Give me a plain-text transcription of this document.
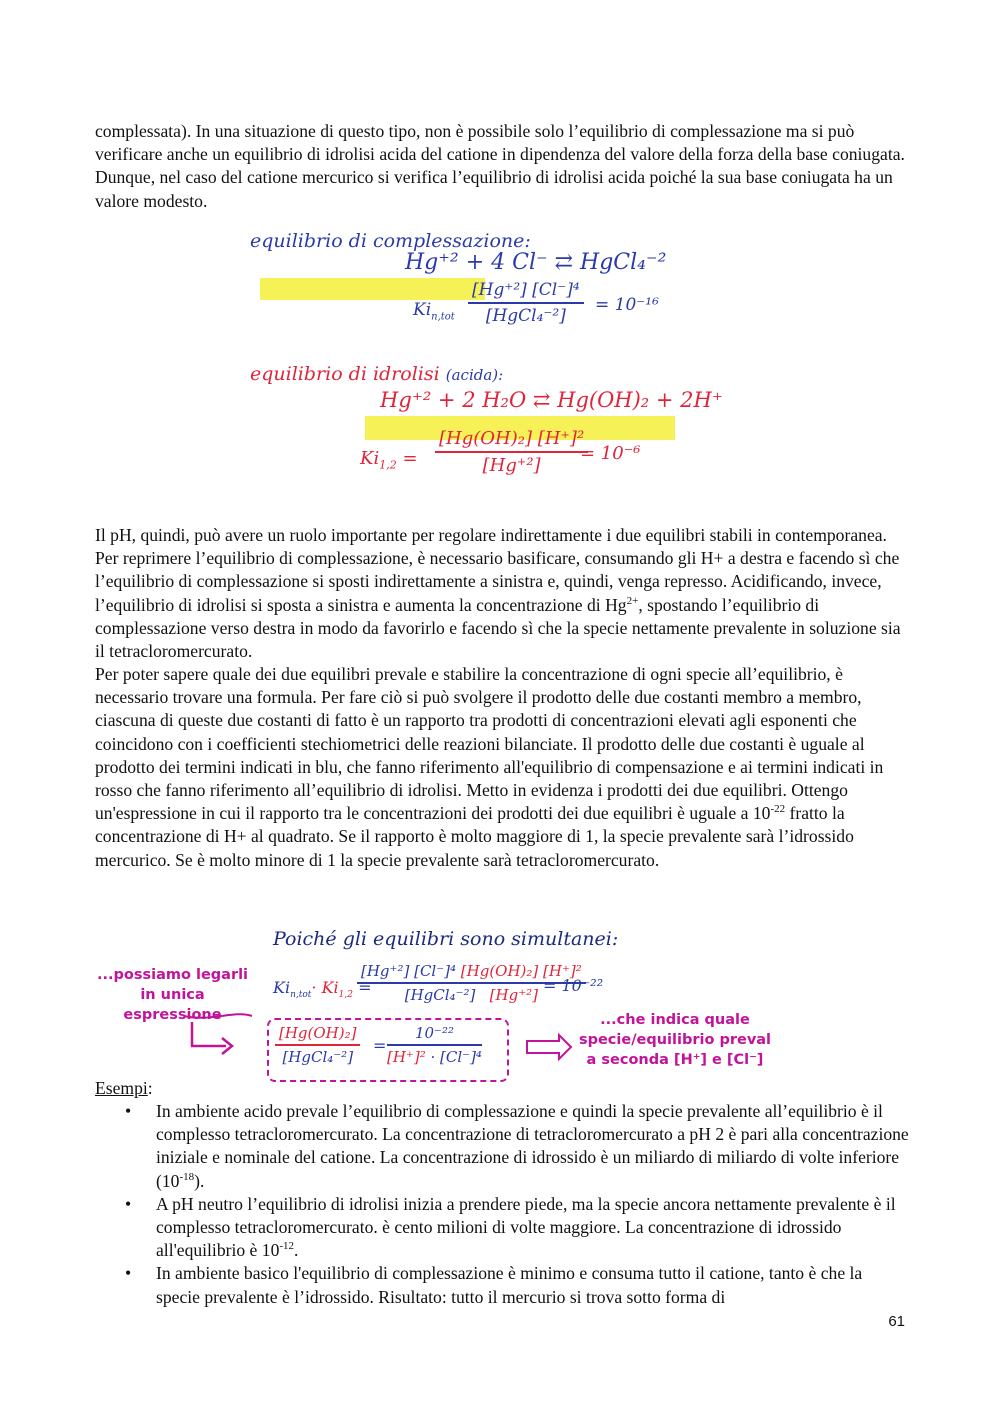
complessata). In una situazione di questo tipo, non è possibile solo l’equilibrio di complessazione ma si può verificare anche un equilibrio di idrolisi acida del catione in dipendenza del valore della forza della base coniugata. Dunque, nel caso del catione mercurico si verifica l’equilibrio di idrolisi acida poiché la sua base coniugata ha un valore modesto.

equilibrio di complessazione:
Hg⁺² + 4 Cl⁻ ⇄ HgCl₄⁻²
$Ki_{n,tot}$
[Hg⁺²] [Cl⁻]⁴
[HgCl₄⁻²]
= 10⁻¹⁶
equilibrio di idrolisi (acida):
Hg⁺² + 2 H₂O ⇄ Hg(OH)₂ + 2H⁺
$Ki_{1,2} = \frac{\text{[Hg(OH)₂] [H⁺]²}}{\text{[Hg⁺²]}}$
= 10⁻⁶

Il pH, quindi, può avere un ruolo importante per regolare indirettamente i due equilibri stabili in contemporanea. Per reprimere l’equilibrio di complessazione, è necessario basificare, consumando gli H+ a destra e facendo sì che l’equilibrio di complessazione si sposti indirettamente a sinistra e, quindi, venga represso. Acidificando, invece, l’equilibrio di idrolisi si sposta a sinistra e aumenta la concentrazione di $Hg^{2+}$, spostando l’equilibrio di complessazione verso destra in modo da favorirlo e facendo sì che la specie nettamente prevalente in soluzione sia il tetracloromercurato.

Per poter sapere quale dei due equilibri prevale e stabilire la concentrazione di ogni specie all’equilibrio, è necessario trovare una formula. Per fare ciò si può svolgere il prodotto delle due costanti membro a membro, ciascuna di queste due costanti di fatto è un rapporto tra prodotti di concentrazioni elevati agli esponenti che coincidono con i coefficienti stechiometrici delle reazioni bilanciate. Il prodotto delle due costanti è uguale al prodotto dei termini indicati in blu, che fanno riferimento all'equilibrio di compensazione e ai termini indicati in rosso che fanno riferimento all’equilibrio di idrolisi. Metto in evidenza i prodotti dei due equilibri. Ottengo un'espressione in cui il rapporto tra le concentrazioni dei prodotti dei due equilibri è uguale a $10^{-22}$ fratto la concentrazione di H+ al quadrato. Se il rapporto è molto maggiore di 1, la specie prevalente sarà l’idrossido mercurico. Se è molto minore di 1 la specie prevalente sarà tetracloromercurato.

Poiché gli equilibri sono simultanei:
...possiamo legarli
in unica espressione
$Ki_{n,tot}\cdot Ki_{1,2}$ =
[Hg⁺²] [Cl⁻]⁴ [Hg(OH)₂] [H⁺]²
[HgCl₄⁻²] [Hg⁺²] = 10⁻²²
[Hg(OH)₂]
[HgCl₄⁻²]
= $\frac{\text{10⁻²²}}{\text{[H⁺]² · [Cl⁻]⁴}}$
...che indica quale
specie/equilibrio preval
a seconda [H⁺] e [Cl⁻]

Esempi:

• In ambiente acido prevale l’equilibrio di complessazione e quindi la specie prevalente all’equilibrio è il complesso tetracloromercurato. La concentrazione di tetracloromercurato a pH 2 è pari alla concentrazione iniziale e nominale del catione. La concentrazione di idrossido è un miliardo di miliardo di volte inferiore $(10^{-18})$.
• A pH neutro l’equilibrio di idrolisi inizia a prendere piede, ma la specie ancora nettamente prevalente è il complesso tetracloromercurato. è cento milioni di volte maggiore. La concentrazione di idrossido all'equilibrio è $10^{-12}$.
• In ambiente basico l'equilibrio di complessazione è minimo e consuma tutto il catione, tanto è che la specie prevalente è l’idrossido. Risultato: tutto il mercurio si trova sotto forma di
61
